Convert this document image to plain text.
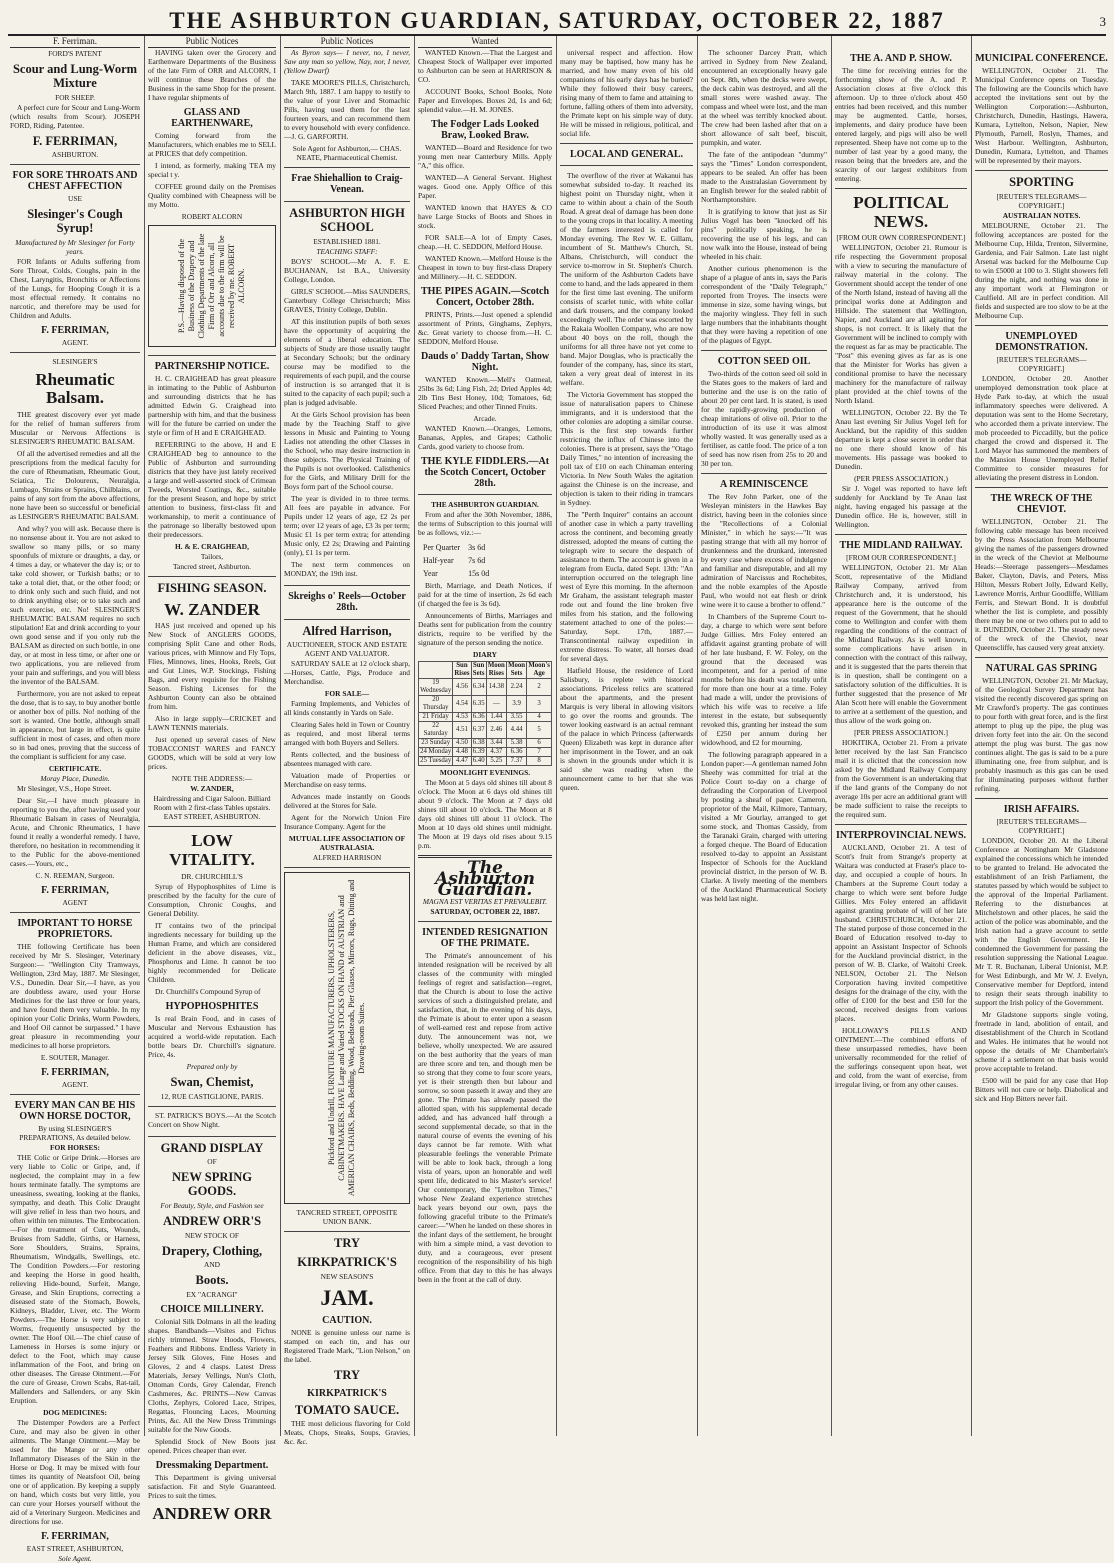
THE ASHBURTON GUARDIAN, SATURDAY, OCTOBER 22, 1887	3
F. Ferriman.	Public Notices	Public Notices	Wanted
FORD'S PATENT
Scour and Lung-Worm Mixture
FOR SHEEP.

A perfect cure for Scour and Lung-Worm (which results from Scour). JOSEPH FORD, Riding, Patentee.

F. FERRIMAN,
ASHBURTON.
FOR SORE THROATS AND CHEST AFFECTION
USE
Slesinger's Cough Syrup!
Manufactured by Mr Slesinger for Forty years.

FOR Infants or Adults suffering from Sore Throat, Colds, Coughs, pain in the Chest, Laryngitis, Bronchitis or Affections of the Lungs, for Hooping Cough it is a most effectual remedy. It contains no narcotic, and therefore may be used for Children and Adults.

F. FERRIMAN,
AGENT.
SLESINGER'S
Rheumatic Balsam.

THE greatest discovery ever yet made for the relief of human sufferers from Muscular or Nervous Affections is SLESINGER'S RHEUMATIC BALSAM.

Of all the advertised remedies and all the prescriptions from the medical faculty for the cure of Rheumatism, Rheumatic Gout, Sciatica, Tic Doloureux, Neuralgia, Lumbago, Strains or Sprains, Chilblains, or pains of any sort from the above affections, none have been so successful or beneficial as LESINGER'S RHEUMATIC BALSAM.

And why? you will ask. Because there is no nonsense about it. You are not asked to swallow so many pills, or so many spoonfuls of mixture or draughts, a day, or 4 times a day, or whatever the day is; or to take cold shower, or Turkish baths; or to take a total diet, that, or the other food; or to drink only such and such fluid, and not to drink anything else; or to take such and such exercise, etc. No! SLESINGER'S RHEUMATIC BALSAM requires no such stipulation! Eat and drink according to your own good sense and if you only rub the BALSAM as directed on such bottle, in one day, or at most in less time, or after one or two applications, you are relieved from your pain and sufferings, and you will bless the inventor of the BALSAM.

Furthermore, you are not asked to repeat the dose, that is to say, to buy another bottle or another box of pills. No! nothing of the sort is wanted. One bottle, although small in appearance, but large in effect, is quite sufficient in most of cases, and often more so in bad ones, proving that the success of the compliant is sufficient for any case.

CERTIFICATE.
Moray Place, Dunedin.

Mr Slesinger, V.S., Hope Street.

Dear Sir,—I have much pleasure in reporting to you the, after having used your Rheumatic Balsam in cases of Neuralgia, Acute, and Chronic Rheumatics, I have found it really a wonderful remedy. I have, therefore, no hesitation in recommending it to the Public for the above-mentioned cases.—Yours, etc.,

C. N. REEMAN, Surgeon.
F. FERRIMAN,
AGENT
IMPORTANT TO HORSE PROPRIETORS.

THE following Certificate has been received by Mr S. Slesinger, Veterinary Surgeon:— "Wellington City Tramways, Wellington, 23rd May, 1887. Mr Slesinger, V.S., Dunedin. Dear Sir,—I have, as you are doubtless aware, used your Horse Medicines for the last three or four years, and have found them very valuable. In my opinion your Colic Drinks, Worm Powders, and Hoof Oil cannot be surpassed." I have great pleasure in recommending your medicines to all horse proprietors.

E. SOUTER, Manager.
F. FERRIMAN,
AGENT.
EVERY MAN CAN BE HIS OWN HORSE DOCTOR,
By using SLESINGER'S PREPARATIONS, As detailed below.
FOR HORSES:

THE Colic or Gripe Drink.—Horses are very liable to Colic or Gripe, and, if neglected, the complaint may in a few hours terminate fatally. The symptoms are uneasiness, sweating, looking at the flanks, sympathy, and death. This Colic Draught will give relief in less than two hours, and often within ten minutes. The Embrocation.—For the treatment of Cuts, Wounds, Bruises from Saddle, Girths, or Harness, Sore Shoulders, Strains, Sprains, Rheumatism, Windgalls, Swellings, etc. The Condition Powders.—For restoring and keeping the Horse in good health, relieving Hide-bound, Surfeit, Mange, Grease, and Skin Eruptions, correcting a diseased state of the Stomach, Bowels, Kidneys, Bladder, Liver, etc. The Worm Powders.—The Horse is very subject to Worms, frequently unsuspected by the owner. The Hoof Oil.—The chief cause of Lameness in Horses is some injury or defect to the Foot, which may cause inflammation of the Foot, and bring on other diseases. The Grease Ointment.—For the cure of Grease, Crown Scabs, Rat-tail, Mallenders and Sallenders, or any Skin Eruption.

DOG MEDICINES:

The Distemper Powders are a Perfect Cure, and may also be given in other ailments. The Mange Ointment.—May be used for the Mange or any other Inflammatory Diseases of the Skin in the Horse or Dog. It may be mixed with four times its quantity of Neatsfoot Oil, being one or of application. By keeping a supply on hand, which costs but very little, you can cure your Horses yourself without the aid of a Veterinary Surgeon. Medicines and directions for use.

F. FERRIMAN,
EAST STREET, ASHBURTON,
Sole Agent.

HAVING taken over the Grocery and Earthenware Departments of the Business of the late Firm of ORR and ALCORN, I will continue these Branches of the Business in the same Shop for the present. I have regular shipments of

GLASS AND EARTHENWARE,

Coming forward from the Manufacturers, which enables me to SELL at PRICES that defy competition.

I intend, as formerly, making TEA my special t y.

COFFEE ground daily on the Premises Quality combined with Cheapness will be my Motto.

ROBERT ALCORN
P.S.—Having disposed of the Business of the Drapery and Clothing Departments of the late Firm of Orr and Alcorn, all accounts due to the firm will be received by me. ROBERT ALCORN.
PARTNERSHIP NOTICE.

H. C. CRAIGHEAD has great pleasure in intimating to the Public of Ashburton and surrounding districts that he has admitted Edwin G. Craighead into partnership with him, and that the business will for the future be carried on under the style or firm of H and E CRAIGHEAD.

REFERRING to the above, H and E CRAIGHEAD beg to announce to the Public of Ashburton and surrounding districts that they have just lately received a large and well-assorted stock of Crimean Tweeds, Worsted Coatings, &c., suitable for the present Season, and hope by strict attention to business, first-class fit and workmanship, to merit a continuance of the patronage so liberally bestowed upon their predecessors.

H. & E. CRAIGHEAD,
Tailors,
Tancred street, Ashburton.
FISHING SEASON.
W. ZANDER

HAS just received and opened up his New Stock of ANGLERS GOODS, comprising Split Cane and other Rods, various prices, with Minnow and Fly Tops, Flies, Minnows, lines, Hooks, Reels, Gut and Gut Lines, W.P. Stockings, Fishing Bags, and every requisite for the Fishing Season. Fishing Licenses for the Ashburton County can also be obtained from him.

Also in large supply—CRICKET and LAWN TENNIS materials.

Just opened up several cases of New TOBACCONIST WARES and FANCY GOODS, which will be sold at very low prices.

NOTE THE ADDRESS:—
W. ZANDER,
Hairdressing and Cigar Saloon. Billiard Room with 2 first-class Tables upstairs. EAST STREET, ASHBURTON.
LOW VITALITY.
DR. CHURCHILL'S

Syrup of Hypophosphites of Lime is prescribed by the faculty for the cure of Consumption, Chronic Coughs, and General Debility.

IT contains two of the principal ingredients necessary for building up the Human Frame, and which are considered deficient in the above diseases, viz., Phosphorus and Lime. It cannot be too highly recommended for Delicate Children.

Dr. Churchill's Compound Syrup of

HYPOPHOSPHITES

Is real Brain Food, and in cases of Muscular and Nervous Exhaustion has acquired a world-wide reputation. Each bottle bears Dr. Churchill's signature. Price, 4s.

Prepared only by
Swan, Chemist,
12, RUE CASTIGLIONE, PARIS.

ST. PATRICK'S BOYS.—At the Scotch Concert on Show Night.

GRAND DISPLAY
OF
NEW SPRING GOODS.
For Beauty, Style, and Fashion see
ANDREW ORR'S
NEW STOCK OF
Drapery, Clothing,
AND
Boots.
EX "ACRANGI"
CHOICE MILLINERY.

Colonial Silk Dolmans in all the leading shapes. Bandbands—Visites and Fichus richly trimmed. Straw Hoods, Flowers, Feathers and Ribbons. Endless Variety in Jersey Silk Gloves, Fine Hoses and Gloves, 2 and 4 clasps. Latest Dress Materials, Jersey Vellings, Nun's Cloth, Ottoman Cords, Grey Calendar, French Cashmeres, &c. PRINTS—New Canvas Cloths, Zephyrs, Colored Lace, Stripes, Regattas, Flouncing Laces, Mourning Prints, &c. All the New Dress Trimmings suitable for the New Goods.

Splendid Stock of New Boots just opened. Prices cheaper than ever.

Dressmaking Department.

This Department is giving universal satisfaction. Fit and Style Guaranteed. Prices to suit the times.

ANDREW ORR

As Byron says— I never, no, I never, Saw any man so yellow, Nay, nor, I never, (Yellow Dwarf)

TAKE MOORE'S PILLS, Christchurch, March 9th, 1887. I am happy to testify to the value of your Liver and Stomachic Pills, having used them for the last fourteen years, and can recommend them to every household with every confidence.—J. G. GARFORTH.

Sole Agent for Ashburton,— CHAS. NEATE, Pharmaceutical Chemist.
Frae Shiehallion to Craig-Venean.
ASHBURTON HIGH SCHOOL
ESTABLISHED 1881.
TEACHING STAFF:

BOYS' SCHOOL—Mr A. F. E. BUCHANAN, 1st B.A., University College, London.

GIRLS' SCHOOL—Miss SAUNDERS, Canterbury College Christchurch; Miss GRAVES, Trinity College, Dublin.

AT this institution pupils of both sexes have the opportunity of acquiring the elements of a liberal education. The subjects of Study are those usually taught at Secondary Schools; but the ordinary course may be modified to the requirements of each pupil, and the course of instruction is so arranged that it is suited to the capacity of each pupil; such a plan is judged advisable.

At the Girls School provision has been made by the Teaching Staff to give lessons in Music and Painting to Young Ladies not attending the other Classes in the School, who may desire instruction in these subjects. The Physical Training of the Pupils is not overlooked. Calisthenics for the Girls, and Military Drill for the Boys form part of the School course.

The year is divided in to three terms. All fees are payable in advance. For Pupils under 12 years of age, £2 2s per term; over 12 years of age, £3 3s per term; Music £1 1s per term extra; for attending Music only, £2 2s; Drawing and Painting (only), £1 1s per term.

The next term commences on MONDAY, the 19th inst.

Skreighs o' Reels—October 28th.
Alfred Harrison,
AUCTIONEER, STOCK AND ESTATE AGENT AND VALUATOR.

SATURDAY SALE at 12 o'clock sharp,—Horses, Cattle, Pigs, Produce and Merchandise.

FOR SALE—

Farming Implements, and Vehicles of all kinds constantly in Yards on Sale.

Clearing Sales held in Town or Country as required, and most liberal terms arranged with both Buyers and Sellers.

Rents collected, and the business of absentees managed with care.

Valuation made of Properties or Merchandise on easy terms.

Advances made instantly on Goods delivered at the Stores for Sale.

Agent for the Norwich Union Fire Insurance Company. Agent for the

MUTUAL LIFE ASSOCIATION OF AUSTRALASIA.
ALFRED HARRISON
Pickford and Undrill, FURNITURE MANUFACTURERS, UPHOLSTERERS, CABINETMAKERS. HAVE Large and Varied STOCKS ON HAND of AUSTRIAN and AMERICAN CHAIRS, Beds, Bedding, Wood, Bedsteads, Pier Glasses, Mirrors, Rugs, Dining and Drawing-room Suites.
TANCRED STREET, OPPOSITE UNION BANK.
TRY
KIRKPATRICK'S
NEW SEASON'S
JAM.
CAUTION.

NONE is genuine unless our name is stamped on each tin, and has our Registered Trade Mark, "Lion Nelson," on the label.

TRY
KIRKPATRICK'S
TOMATO SAUCE.

THE most delicious flavoring for Cold Meats, Chops, Steaks, Soups, Gravies, &c. &c.

WANTED Known.—That the Largest and Cheapest Stock of Wallpaper ever imported to Ashburton can be seen at HARRISON & CO.

ACCOUNT Books, School Books, Note Paper and Envelopes. Boxes 2d, 1s and 6d; splendid value.—H. M. JONES.

The Fodger Lads Looked Braw, Looked Braw.

WANTED—Board and Residence for two young men near Canterbury Mills. Apply "A," this office.

WANTED—A General Servant. Highest wages. Good one. Apply Office of this Paper.

WANTED known that HAYES & CO have Large Stocks of Boots and Shoes in stock.

FOR SALE—A lot of Empty Cases, cheap.—H. C. SEDDON, Melford House.

WANTED Known.—Melford House is the Cheapest in town to buy first-class Drapery and Millinery.—H. C. SEDDON.

THE PIPES AGAIN.—Scotch Concert, October 28th.

PRINTS, Prints.—Just opened a splendid assortment of Prints, Ginghams, Zephyrs, &c. Great variety to choose from.—H. C. SEDDON, Melford House.

Dauds o' Daddy Tartan, Show Night.

WANTED Known.—Mell's Oatmeal, 25lbs 3s 6d; Ling Fish, 2d; Dried Apples 4d; 2lb Tins Best Honey, 10d; Tomatoes, 6d; Sliced Peaches; and other Tinned Fruits.

Arcade.

WANTED Known.—Oranges, Lemons, Bananas, Apples, and Grapes; Catholic Cards, good variety to choose from.

THE KYLE FIDDLERS.—At the Scotch Concert, October 28th.
THE ASHBURTON GUARDIAN.

From and after the 30th November, 1886, the terms of Subscription to this journal will be as follows, viz.:—

Per Quarter	3s 6d
Half-year	7s 6d
Year	15s 0d

Birth, Marriage, and Death Notices, if paid for at the time of insertion, 2s 6d each (if charged the fee is 3s 6d).

Announcements of Births, Marriages and Deaths sent for publication from the country districts, require to be verified by the signature of the person sending the notice.

DIARY
	Sun Rises	Sun Sets	Moon Rises	Moon Sets	Moon's Age
19 Wednesday	4.56	6.34	14.38	2.24	2
20 Thursday	4.54	6.35	—	3.9	3
21 Friday	4.53	6.36	1.44	3.55	4
22 Saturday	4.51	6.37	2.46	4.44	5
23 Sunday	4.50	6.38	3.44	5.38	6
24 Monday	4.48	6.39	4.37	6.36	7
25 Tuesday	4.47	6.40	5.25	7.37	8
MOONLIGHT EVENINGS.

The Moon at 5 days old shines till about 8 o'clock. The Moon at 6 days old shines till about 9 o'clock. The Moon at 7 days old shines till about 10 o'clock. The Moon at 8 days old shines till about 11 o'clock. The Moon at 10 days old shines until midnight. The Moon at 19 days old rises about 9.15 p.m.

The Ashburton Guardian.
MAGNA EST VERITAS ET PREVALEBIT.
SATURDAY, OCTOBER 22, 1887.
INTENDED RESIGNATION OF THE PRIMATE.

The Primate's announcement of his intended resignation will be received by all classes of the community with mingled feelings of regret and satisfaction—regret, that the Church is about to lose the active services of such a distinguished prelate, and satisfaction, that, in the evening of his days, the Primate is about to enter upon a season of well-earned rest and repose from active duty. The announcement was not, we believe, wholly unexpected. We are assured on the best authority that the years of man are three score and ten, and though men be so strong that they come to four score years, yet is their strength then but labour and sorrow, so soon passeth it away and they are gone. The Primate has already passed the allotted span, with his supplemental decade added, and has advanced half through a second supplemental decade, so that in the natural course of events the evening of his days cannot be far remote. With what pleasurable feelings the venerable Primate will be able to look back, through a long vista of years, upon an honorable and well spent life, dedicated to his Master's service! Our contemporary, the "Lyttelton Times," whose New Zealand experience stretches back years beyond our own, pays the following graceful tribute to the Primate's career:—"When he landed on these shores in the infant days of the settlement, he brought with him a simple mind, a vast devotion to duty, and a courageous, ever present recognition of the responsibility of his high office. From that day to this he has always been in the front at the call of duty.

universal respect and affection. How many may be baptised, how many has he married, and how many even of his old companions of his early days has he buried? While they followed their busy careers, rising many of them to fame and attaining to fortune, falling others of them into adversity, the Primate kept on his simple way of duty. He will be missed in religious, political, and social life.

LOCAL AND GENERAL.

The overflow of the river at Wakanui has somewhat subsided to-day. It reached its highest point on Thursday night, when it came to within about a chain of the South Road. A great deal of damage has been done to the young crops in that locality. A meeting of the farmers interested is called for Monday evening. The Rev W. E. Gillam, incumbent of St. Matthew's Church, St. Albans, Christchurch, will conduct the service to-morrow in St. Stephen's Church. The uniform of the Ashburton Cadets have come to hand, and the lads appeared in them for the first time last evening. The uniform consists of scarlet tunic, with white collar and dark trousers, and the company looked exceedingly well. The order was escorted by the Rakaia Woollen Company, who are now about 40 boys on the roll, though the uniforms for all three have not yet come to hand. Major Douglas, who is practically the founder of the company, has, since its start, taken a very great deal of interest in its welfare.

The Victoria Government has stopped the issue of naturalisation papers to Chinese immigrants, and it is understood that the other colonies are adopting a similar course. This is the first step towards further restricting the influx of Chinese into the colonies. There is at present, says the "Otago Daily Times," no intention of increasing the poll tax of £10 on each Chinaman entering Victoria. In New South Wales the agitation against the Chinese is on the increase, and objection is taken to their riding in tramcars in Sydney.

The "Perth Inquirer" contains an account of another case in which a party travelling across the continent, and becoming greatly distressed, adopted the means of cutting the telegraph wire to secure the despatch of assistance to them. The account is given in a telegram from Eucla, dated Sept. 13th: "An interruption occurred on the telegraph line west of Eyre this morning. In the afternoon Mr Graham, the assistant telegraph master rode out and found the line broken five miles from his station, and the following statement attached to one of the poles:—Saturday, Sept. 17th, 1887.—Transcontinental railway expedition in extreme distress. To water, all horses dead for several days.

Hatfield House, the residence of Lord Salisbury, is replete with historical associations. Priceless relics are scattered about the apartments, and the present Marquis is very liberal in allowing visitors to go over the rooms and grounds. The tower looking eastward is an actual remnant of the palace in which Princess (afterwards Queen) Elizabeth was kept in durance after her imprisonment in the Tower, and an oak is shown in the grounds under which it is said she was reading when the announcement came to her that she was queen.

The schooner Darcey Pratt, which arrived in Sydney from New Zealand, encountered an exceptionally heavy gale on Sept. 8th, when the decks were swept, the deck cabin was destroyed, and all the small stores were washed away. The compass and wheel were lost, and the man at the wheel was terribly knocked about. The crew had been lashed after that on a short allowance of salt beef, biscuit, pumpkin, and water.

The fate of the antipodean "dummy" says the "Times" London correspondent, appears to be sealed. An offer has been made to the Australasian Government by an English brewer for the sealed rabbit of Northamptonshire.

It is gratifying to know that just as Sir Julius Vogel has been "knocked off his pins" politically speaking, he is recovering the use of his legs, and can now walk into the House, instead of being wheeled in his chair.

Another curious phenomenon is the shape of a plague of ants in, says the Paris correspondent of the "Daily Telegraph," reported from Troyes. The insects were immense in size, some having wings, but the majority wingless. They fell in such large numbers that the inhabitants thought that they were having a repetition of one of the plagues of Egypt.

COTTON SEED OIL

Two-thirds of the cotton seed oil sold in the States goes to the makers of lard and butterine and the use is on the ratio of about 20 per cent lard. It is stated, is used for the rapidly-growing production of cheap imitations of olive oil. Prior to the introduction of its use it was almost wholly wasted. It was generally used as a fertiliser, as cattle food. The price of a ton of seed has now risen from 25s to 20 and 30 per ton.

A REMINISCENCE

The Rev John Parker, one of the Wesleyan ministers in the Hawkes Bay district, having been in the colonies since the "Recollections of a Colonial Minister," in which he says:—"It was pasting strange that with all my horror of drunkenness and the drunkard, interested by every case where excess of indulgence and familiar and disreputable, and all my admiration of Narcissus and Rochebites, and the noble examples of the Apostle Paul, who would not eat flesh or drink wine were it to cause a brother to offend."

In Chambers of the Supreme Court to-day, a charge to which were sent before Judge Gillies. Mrs Foley entered an affidavit against granting probate of will of her late husband, F. W. Foley, on the ground that the deceased was incompetent, and for a period of nine months before his death was totally unfit for more than one hour at a time. Foley had made a will, under the provisions of which his wife was to receive a life interest in the estate, but subsequently revoked this, granting her instead the sum of £250 per annum during her widowhood, and £2 for mourning.

The following paragraph appeared in a London paper:—A gentleman named John Sheehy was committed for trial at the Police Court to-day on a charge of defrauding the Corporation of Liverpool by posting a sheaf of paper. Cameron, proprietor of the Mail, Kilmore, Tantuary, visited a Mr Gourlay, arranged to get some stock, and Thomas Cassidy, from the Taranaki Grain, charged with uttering a forged cheque. The Board of Education resolved to-day to appoint an Assistant Inspector of Schools for the Auckland provincial district, in the person of W. B. Clarke. A lively meeting of the members of the Auckland Pharmaceutical Society was held last night.

THE A. AND P. SHOW.

The time for receiving entries for the forthcoming show of the A. and P. Association closes at five o'clock this afternoon. Up to three o'clock about 450 entries had been received, and this number may be augmented. Cattle, horses, implements, and dairy produce have been entered largely, and pigs will also be well represented. Sheep have not come up to the number of last year by a good many, the reason being that the breeders are, and the scarcity of our largest exhibitors from entering.

POLITICAL NEWS.
[FROM OUR OWN CORRESPONDENT.]

WELLINGTON, October 21. Rumour is rife respecting the Government proposal with a view to securing the manufacture of railway material in the colony. The Government should accept the tender of one of the North Island, instead of having all the principal works done at Addington and Hillside. The statement that Wellington, Napier, and Auckland are all agitating for shops, is not correct. It is likely that the Government will be inclined to comply with the request as far as may be practicable. The "Post" this evening gives as far as is one that the Minister for Works has given a conditional promise to have the necessary machinery for the manufacture of railway plant provided at the chief towns of the North Island.

WELLINGTON, October 22. By the Te Anau last evening Sir Julius Vogel left for Auckland, but the rapidity of this sudden departure is kept a close secret in order that no one there should know of his movements. His passage was booked to Dunedin.

(PER PRESS ASSOCIATION.)

Sir J. Vogel was reported to have left suddenly for Auckland by Te Anau last night, having engaged his passage at the Dunedin office. He is, however, still in Wellington.

THE MIDLAND RAILWAY.
[FROM OUR CORRESPONDENT.]

WELLINGTON, October 21. Mr Alan Scott, representative of the Midland Railway Company, arrived from Christchurch and, it is understood, his appearance here is the outcome of the request of the Government, that he should come to Wellington and confer with them regarding the conditions of the contract of the Midland Railway. As is well known, some complications have arisen in connection with the contract of this railway, and it is suggested that the parts therein that is in question, shall be contingent on a satisfactory solution of the difficulties. It is further suggested that the presence of Mr Alan Scott here will enable the Government to arrive at a settlement of the question, and thus allow of the work going on.

[PER PRESS ASSOCIATION.]

HOKITIKA, October 21. From a private letter received by the last San Francisco mail it is elicited that the concession now asked by the Midland Railway Company from the Government is an undertaking that if the land grants of the Company do not average 10s per acre an additional grant will be made sufficient to raise the receipts to the required sum.

INTERPROVINCIAL NEWS.

AUCKLAND, October 21. A test of Scott's fruit from Strange's property at Waitara was conducted at Fraser's place to-day, and occupied a couple of hours. In Chambers at the Supreme Court today a charge to which were sent before Judge Gillies. Mrs Foley entered an affidavit against granting probate of will of her late husband. CHRISTCHURCH, October 21. The stated purpose of those concerned in the Board of Education resolved to-day to appoint an Assistant Inspector of Schools for the Auckland provincial district, in the person of W. B. Clarke, of Waitohi Creek. NELSON, October 21. The Nelson Corporation having invited competitive designs for the drainage of the city, with the offer of £100 for the best and £50 for the second, received designs from various places.

HOLLOWAY'S PILLS AND OINTMENT.—The combined efforts of these unsurpassed remedies, have been universally recommended for the relief of the sufferings consequent upon heat, wet and cold, from the want of exercise, from irregular living, or from any other causes.

MUNICIPAL CONFERENCE.

WELLINGTON, October 21. The Municipal Conference opens on Tuesday. The following are the Councils which have accepted the invitations sent out by the Wellington Corporation:—Ashburton, Christchurch, Dunedin, Hastings, Hawera, Kumara, Lyttelton, Nelson, Napier, New Plymouth, Parnell, Roslyn, Thames, and West Harbour. Wellington, Ashburton, Dunedin, Kumara, Lyttelton, and Thames will be represented by their mayors.

SPORTING
[REUTER'S TELEGRAMS—COPYRIGHT.]
AUSTRALIAN NOTES.

MELBOURNE, October 21. The following acceptances are posted for the Melbourne Cup, Hilda, Trenton, Silvermine, Gardenia, and Fair Salmon. Late last night Arsenal was backed for the Melbourne Cup to win £5000 at 100 to 3. Slight showers fell during the night, and nothing was done in any important work at Flemington or Caulfield. All are in perfect condition. All fields and suspected are too slow to be at the Melbourne Cup.

UNEMPLOYED DEMONSTRATION.
[REUTER'S TELEGRAMS—COPYRIGHT.]

LONDON, October 20. Another unemployed demonstration took place at Hyde Park to-day, at which the usual inflammatory speeches were delivered. A deputation was sent to the Home Secretary, who accorded them a private interview. The mob proceeded to Piccadilly, but the police charged the crowd and dispersed it. The Lord Mayor has summoned the members of the Mansion House Unemployed Relief Committee to consider measures for alleviating the present distress in London.

THE WRECK OF THE CHEVIOT.

WELLINGTON, October 21. The following cable message has been received by the Press Association from Melbourne giving the names of the passengers drowned in the wreck of the Cheviot at Melbourne Heads:—Steerage passengers—Mesdames Baker, Clayton, Davis, and Peters, Miss Hilton, Messrs Robert Jolly, Edward Kelly, Lawrence Morris, Arthur Goodliffe, William Ferris, and Stewart Bond. It is doubtful whether the list is complete, and possibly there may be one or two others put to add to it. DUNEDIN, October 21. The steady news of the wreck of the Cheviot, near Queenscliffe, has caused very great anxiety.

NATURAL GAS SPRING

WELLINGTON, October 21. Mr Mackay, of the Geological Survey Department has visited the recently discovered gas spring on Mr Crawford's property. The gas continues to pour forth with great force, and is the first attempt to plug up the pipe, the plug was driven forty feet into the air. On the second attempt the plug was burst. The gas now continues alight. The gas is said to be a pure illuminating one, free from sulphur, and is probably inasmuch as this gas can be used for illuminating purposes without further refining.

IRISH AFFAIRS.
[REUTER'S TELEGRAMS—COPYRIGHT.]

LONDON, October 20. At the Liberal Conference at Nottingham Mr Gladstone explained the concessions which he intended to be granted to Ireland. He advocated the establishment of an Irish Parliament, the statutes passed by which would be subject to the approval of the Imperial Parliament. Referring to the disturbances at Mitchelstown and other places, he said the action of the police was abominable, and the Irish nation had a grave account to settle with the English Government. He condemned the Government for passing the resolution suppressing the National League. Mr T. R. Buchanan, Liberal Unionist, M.P. for West Edinburgh, and Mr W. J. Evelyn, Conservative member for Deptford, intend to resign their seats through inability to support the Irish policy of the Government.

Mr Gladstone supports single voting, freetrade in land, abolition of entail, and disestablishment of the Church in Scotland and Wales. He intimates that he would not oppose the details of Mr Chamberlain's scheme if a settlement on that basis would prove acceptable to Ireland.

£500 will be paid for any case that Hop Bitters will not cure or help. Diabolical and sick and Hop Bitters never fail.
